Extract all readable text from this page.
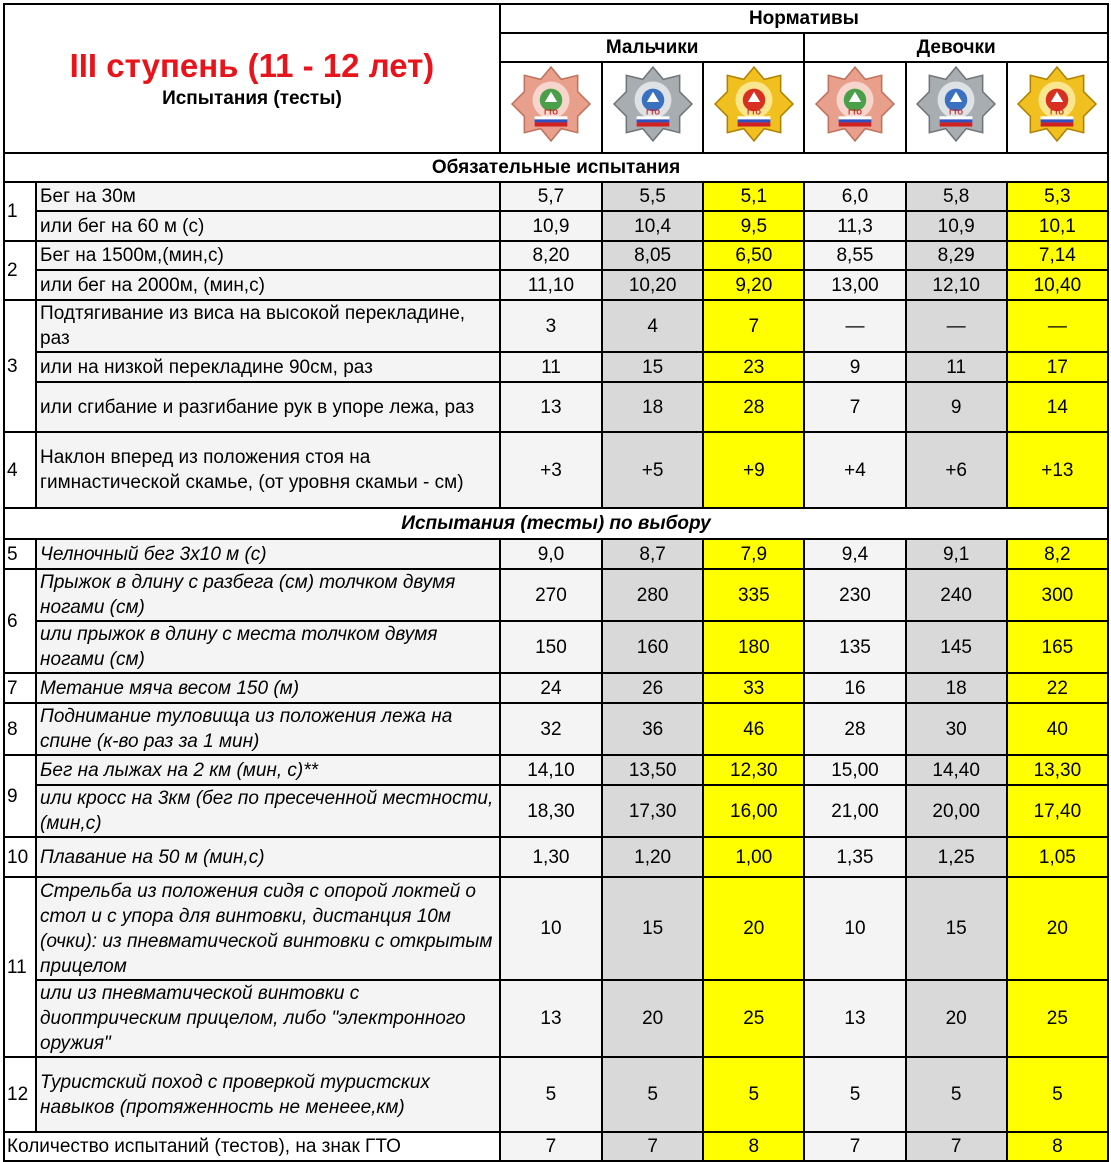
III ступень (11 - 12 лет)
Испытания (тесты)		Нормативы					
		Мальчики			Девочки		

ГТО	ГТО	ГТО	ГТО	ГТО	ГТО

Обязательные испытания							
1	Бег на 30м	5,7	5,5	5,1	6,0	5,8	5,3
	или бег на 60 м (с)	10,9	10,4	9,5	11,3	10,9	10,1
2	Бег на 1500м,(мин,с)	8,20	8,05	6,50	8,55	8,29	7,14
	или бег на 2000м, (мин,с)	11,10	10,20	9,20	13,00	12,10	10,40
3	Подтягивание из виса на высокой перекладине, раз	3	4	7	—	—	—
	или на низкой перекладине 90см, раз	11	15	23	9	11	17
	или сгибание и разгибание рук в упоре лежа, раз	13	18	28	7	9	14
4	Наклон вперед из положения стоя на гимнастической скамье, (от уровня скамьи - см)	+3	+5	+9	+4	+6	+13
Испытания (тесты) по выбору							
5	Челночный бег 3х10 м (с)	9,0	8,7	7,9	9,4	9,1	8,2
6	Прыжок в длину с разбега (см) толчком двумя ногами (см)	270	280	335	230	240	300
	или прыжок в длину с места толчком двумя ногами (см)	150	160	180	135	145	165
7	Метание мяча весом 150 (м)	24	26	33	16	18	22
8	Поднимание туловища из положения лежа на спине (к-во раз за 1 мин)	32	36	46	28	30	40
9	Бег на лыжах на 2 км (мин, с)**	14,10	13,50	12,30	15,00	14,40	13,30
	или кросс на 3км (бег по пресеченной местности, (мин,с)	18,30	17,30	16,00	21,00	20,00	17,40
10	Плавание на 50 м (мин,с)	1,30	1,20	1,00	1,35	1,25	1,05
11	Стрельба из положения сидя с опорой локтей о стол и с упора для винтовки, дистанция 10м (очки): из пневматической винтовки с открытым прицелом	10	15	20	10	15	20
	или из пневматической винтовки с диоптрическим прицелом, либо "электронного оружия"	13	20	25	13	20	25
12	Туристский поход с проверкой туристских навыков (протяженность не менеее,км)	5	5	5	5	5	5
Количество испытаний (тестов), на знак ГТО		7	7	8	7	7	8
